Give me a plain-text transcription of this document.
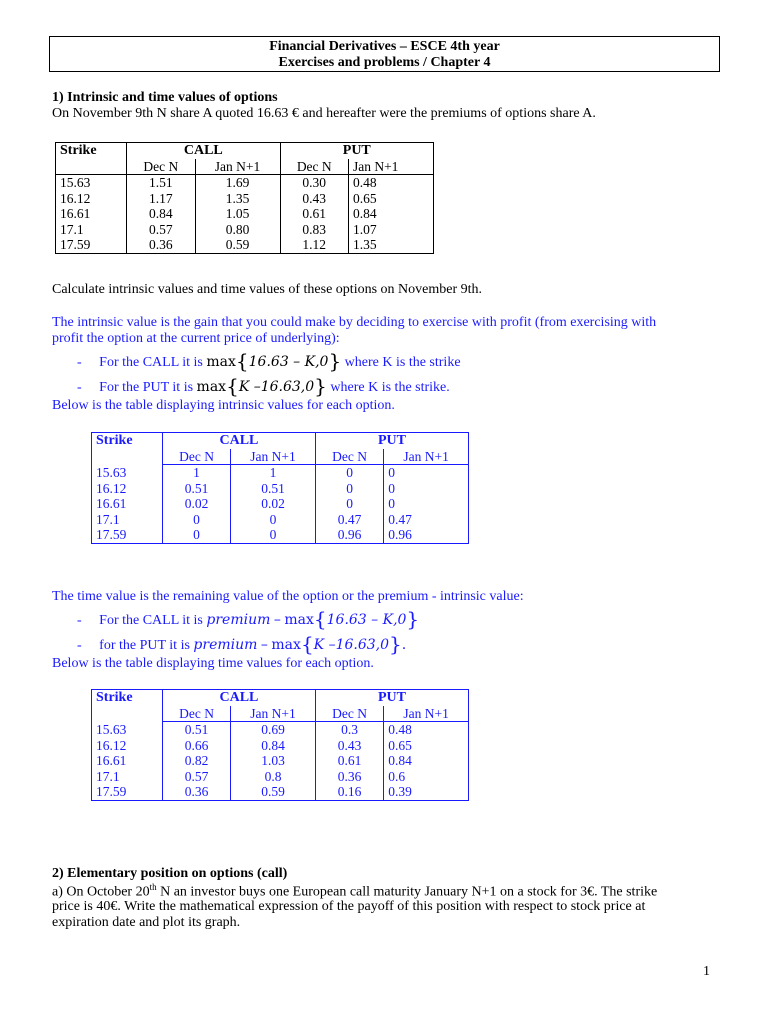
Financial Derivatives – ESCE 4th year
Exercises and problems / Chapter 4
1) Intrinsic and time values of options
On November 9th N share A quoted 16.63 € and hereafter were the premiums of options share A.
Strike	CALL		PUT	
	Dec N	Jan N+1	Dec N	Jan N+1
15.63	1.51	1.69	0.30	0.48
16.12	1.17	1.35	0.43	0.65
16.61	0.84	1.05	0.61	0.84
17.1	0.57	0.80	0.83	1.07
17.59	0.36	0.59	1.12	1.35
Calculate intrinsic values and time values of these options on November 9th.
The intrinsic value is the gain that you could make by deciding to exercise with profit (from exercising with
profit the option at the current price of underlying):
- For the CALL it is max{16.63 – K,0} where K is the strike
- For the PUT it is max{K –16.63,0} where K is the strike.
Below is the table displaying intrinsic values for each option.
Strike	CALL		PUT	
	Dec N	Jan N+1	Dec N	Jan N+1
15.63	1	1	0	0
16.12	0.51	0.51	0	0
16.61	0.02	0.02	0	0
17.1	0	0	0.47	0.47
17.59	0	0	0.96	0.96
The time value is the remaining value of the option or the premium - intrinsic value:
- For the CALL it is premium – max{16.63 – K,0}
- for the PUT it is premium – max{K –16.63,0}.
Below is the table displaying time values for each option.
Strike	CALL		PUT	
	Dec N	Jan N+1	Dec N	Jan N+1
15.63	0.51	0.69	0.3	0.48
16.12	0.66	0.84	0.43	0.65
16.61	0.82	1.03	0.61	0.84
17.1	0.57	0.8	0.36	0.6
17.59	0.36	0.59	0.16	0.39
2) Elementary position on options (call)
a) On October 20th N an investor buys one European call maturity January N+1 on a stock for 3€. The strike
price is 40€. Write the mathematical expression of the payoff of this position with respect to stock price at
expiration date and plot its graph.
1
